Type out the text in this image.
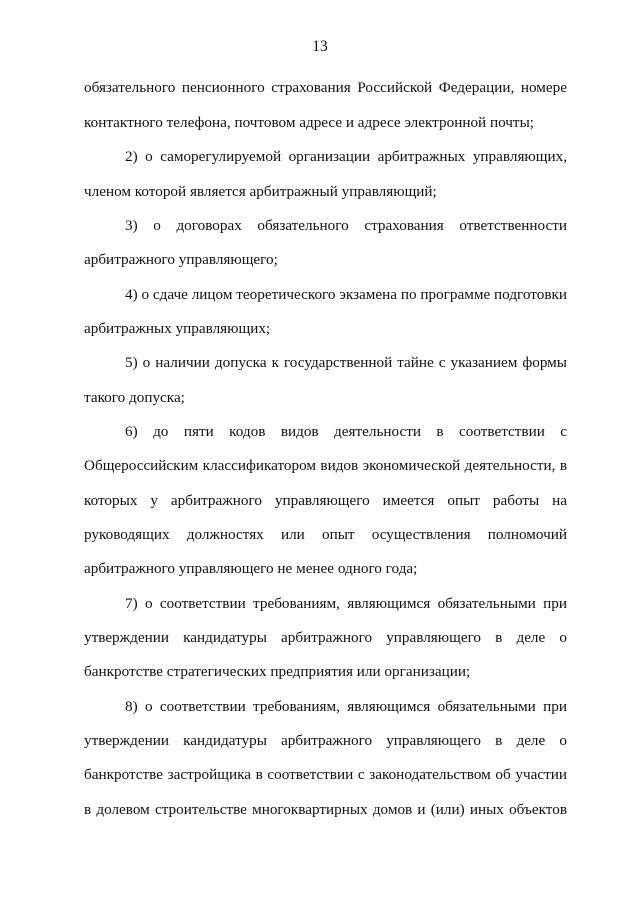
13
обязательного пенсионного страхования Российской Федерации, номере
контактного телефона, почтовом адресе и адресе электронной почты;
2) о саморегулируемой организации арбитражных управляющих,
членом которой является арбитражный управляющий;
3) о договорах обязательного страхования ответственности
арбитражного управляющего;
4) о сдаче лицом теоретического экзамена по программе подготовки
арбитражных управляющих;
5) о наличии допуска к государственной тайне с указанием формы
такого допуска;
6) до пяти кодов видов деятельности в соответствии с
Общероссийским классификатором видов экономической деятельности, в
которых у арбитражного управляющего имеется опыт работы на
руководящих должностях или опыт осуществления полномочий
арбитражного управляющего не менее одного года;
7) о соответствии требованиям, являющимся обязательными при
утверждении кандидатуры арбитражного управляющего в деле о
банкротстве стратегических предприятия или организации;
8) о соответствии требованиям, являющимся обязательными при
утверждении кандидатуры арбитражного управляющего в деле о
банкротстве застройщика в соответствии с законодательством об участии
в долевом строительстве многоквартирных домов и (или) иных объектов
